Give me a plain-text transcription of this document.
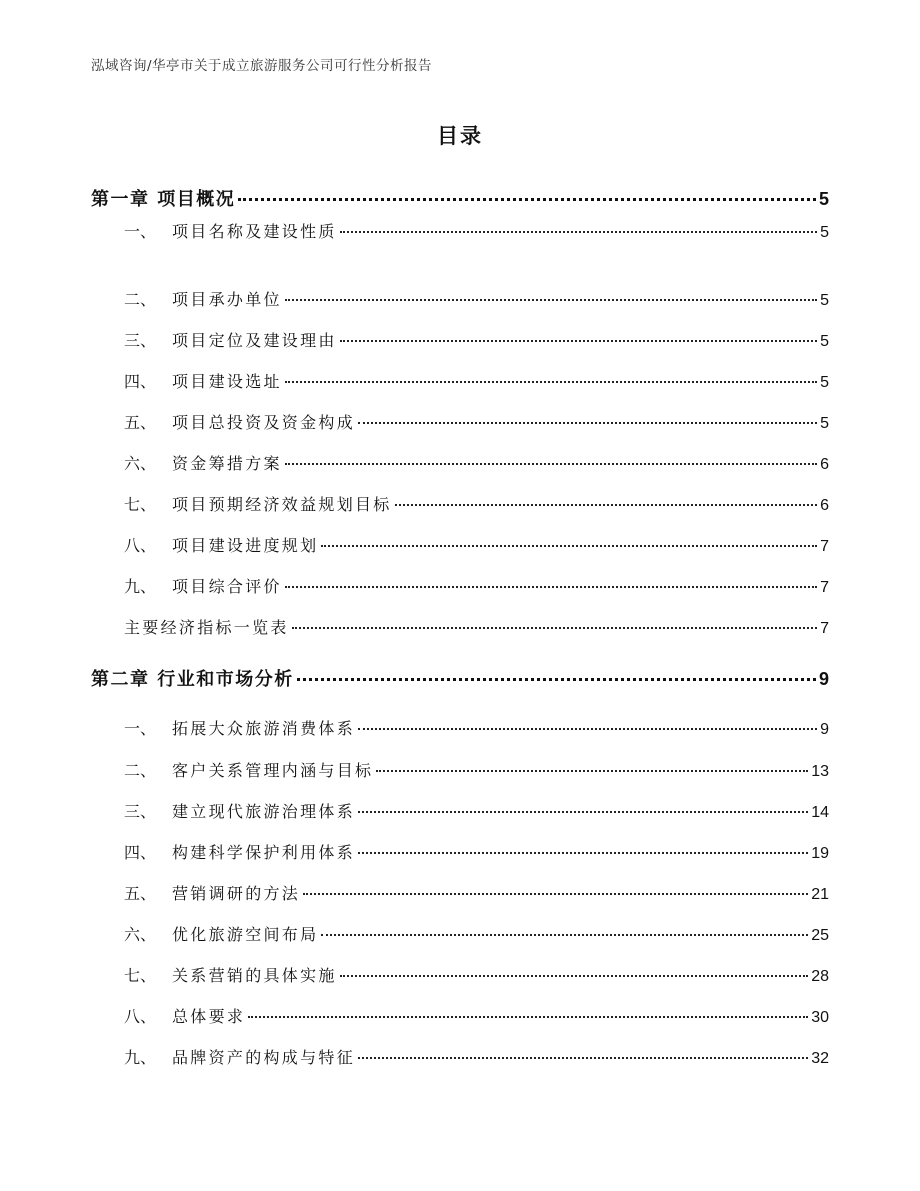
泓域咨询/华亭市关于成立旅游服务公司可行性分析报告
目录
第一章 项目概况	5
一、 项目名称及建设性质	5
二、 项目承办单位	5
三、 项目定位及建设理由	5
四、 项目建设选址	5
五、 项目总投资及资金构成	5
六、 资金筹措方案	6
七、 项目预期经济效益规划目标	6
八、 项目建设进度规划	7
九、 项目综合评价	7
主要经济指标一览表	7
第二章 行业和市场分析	9
一、 拓展大众旅游消费体系	9
二、 客户关系管理内涵与目标	13
三、 建立现代旅游治理体系	14
四、 构建科学保护利用体系	19
五、 营销调研的方法	21
六、 优化旅游空间布局	25
七、 关系营销的具体实施	28
八、 总体要求	30
九、 品牌资产的构成与特征	32
